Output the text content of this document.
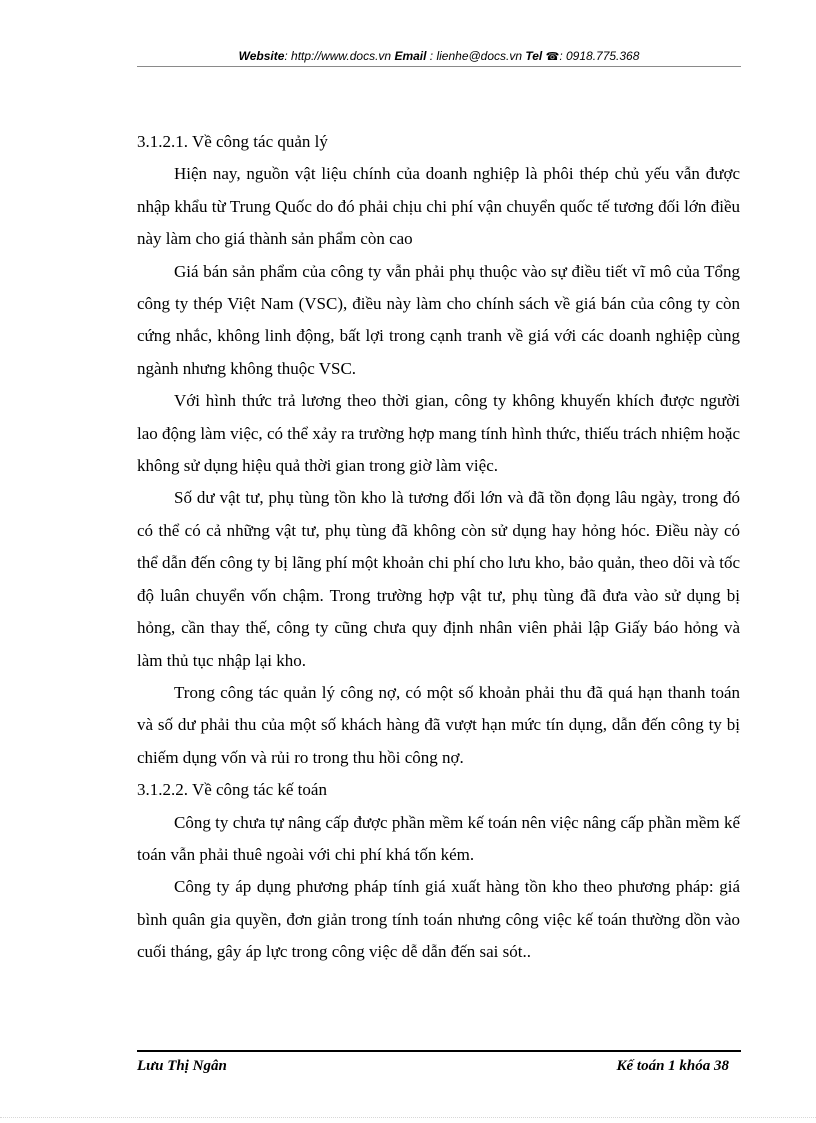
Website: http://www.docs.vn Email : lienhe@docs.vn Tel ☎: 0918.775.368

3.1.2.1. Về công tác quản lý

Hiện nay, nguồn vật liệu chính của doanh nghiệp là phôi thép chủ yếu vẫn được nhập khẩu từ Trung Quốc do đó phải chịu chi phí vận chuyển quốc tế tương đối lớn điều này làm cho giá thành sản phẩm còn cao

Giá bán sản phẩm của công ty vẫn phải phụ thuộc vào sự điều tiết vĩ mô của Tổng công ty thép Việt Nam (VSC), điều này làm cho chính sách về giá bán của công ty còn cứng nhắc, không linh động, bất lợi trong cạnh tranh về giá với các doanh nghiệp cùng ngành nhưng không thuộc VSC.

Với hình thức trả lương theo thời gian, công ty không khuyến khích được người lao động làm việc, có thể xảy ra trường hợp mang tính hình thức, thiếu trách nhiệm hoặc không sử dụng hiệu quả thời gian trong giờ làm việc.

Số dư vật tư, phụ tùng tồn kho là tương đối lớn và đã tồn đọng lâu ngày, trong đó có thể có cả những vật tư, phụ tùng đã không còn sử dụng hay hỏng hóc. Điều này có thể dẫn đến công ty bị lãng phí một khoản chi phí cho lưu kho, bảo quản, theo dõi và tốc độ luân chuyển vốn chậm. Trong trường hợp vật tư, phụ tùng đã đưa vào sử dụng bị hỏng, cần thay thế, công ty cũng chưa quy định nhân viên phải lập Giấy báo hỏng và làm thủ tục nhập lại kho.

Trong công tác quản lý công nợ, có một số khoản phải thu đã quá hạn thanh toán và số dư phải thu của một số khách hàng đã vượt hạn mức tín dụng, dẫn đến công ty bị chiếm dụng vốn và rủi ro trong thu hồi công nợ.

3.1.2.2. Về công tác kế toán

Công ty chưa tự nâng cấp được phần mềm kế toán nên việc nâng cấp phần mềm kế toán vẫn phải thuê ngoài với chi phí khá tốn kém.

Công ty áp dụng phương pháp tính giá xuất hàng tồn kho theo phương pháp: giá bình quân gia quyền, đơn giản trong tính toán nhưng công việc kế toán thường dồn vào cuối tháng, gây áp lực trong công việc dễ dẫn đến sai sót..

Lưu Thị Ngân	Kế toán 1 khóa 38
